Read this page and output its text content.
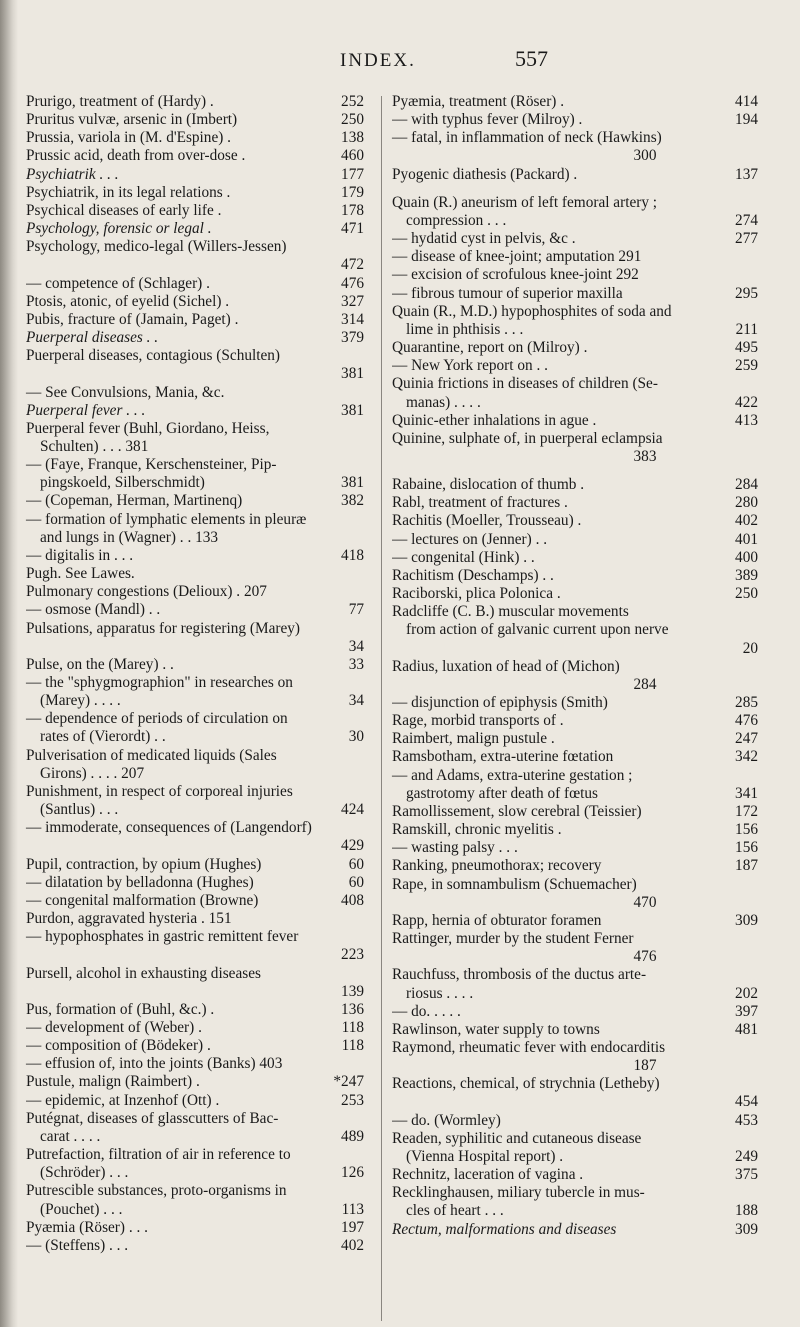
INDEX.	557
Prurigo, treatment of (Hardy) .	252
Pruritus vulvæ, arsenic in (Imbert)	250
Prussia, variola in (M. d'Espine) .	138
Prussic acid, death from over-dose .	460
Psychiatrik . . .	177
Psychiatrik, in its legal relations .	179
Psychical diseases of early life .	178
Psychology, forensic or legal .	471
Psychology, medico-legal (Willers-Jessen)
472
— competence of (Schlager) .	476
Ptosis, atonic, of eyelid (Sichel) .	327
Pubis, fracture of (Jamain, Paget) .	314
Puerperal diseases . .	379
Puerperal diseases, contagious (Schulten)
381
— See Convulsions, Mania, &c.
Puerperal fever . . .	381
Puerperal fever (Buhl, Giordano, Heiss,
Schulten) . . . 381
— (Faye, Franque, Kerschensteiner, Pip-
pingskoeld, Silberschmidt)	381
— (Copeman, Herman, Martinenq)	382
— formation of lymphatic elements in pleuræ
and lungs in (Wagner) . . 133
— digitalis in . . .	418
Pugh. See Lawes.
Pulmonary congestions (Delioux) . 207
— osmose (Mandl) . .	77
Pulsations, apparatus for registering (Marey)
34
Pulse, on the (Marey) . .	33
— the "sphygmographion" in researches on
(Marey) . . . .	34
— dependence of periods of circulation on
rates of (Vierordt) . .	30
Pulverisation of medicated liquids (Sales
Girons) . . . . 207
Punishment, in respect of corporeal injuries
(Santlus) . . .	424
— immoderate, consequences of (Langendorf)
429
Pupil, contraction, by opium (Hughes)	60
— dilatation by belladonna (Hughes)	60
— congenital malformation (Browne)	408
Purdon, aggravated hysteria . 151
— hypophosphates in gastric remittent fever
223
Pursell, alcohol in exhausting diseases
139
Pus, formation of (Buhl, &c.) .	136
— development of (Weber) .	118
— composition of (Bödeker) .	118
— effusion of, into the joints (Banks) 403
Pustule, malign (Raimbert) .	*247
— epidemic, at Inzenhof (Ott) .	253
Putégnat, diseases of glasscutters of Bac-
carat . . . .	489
Putrefaction, filtration of air in reference to
(Schröder) . . .	126
Putrescible substances, proto-organisms in
(Pouchet) . . .	113
Pyæmia (Röser) . . .	197
— (Steffens) . . .	402
Pyæmia, treatment (Röser) .	414
— with typhus fever (Milroy) .	194
— fatal, in inflammation of neck (Hawkins)
300
Pyogenic diathesis (Packard) .	137
Quain (R.) aneurism of left femoral artery ;
compression . . .	274
— hydatid cyst in pelvis, &c .	277
— disease of knee-joint; amputation 291
— excision of scrofulous knee-joint 292
— fibrous tumour of superior maxilla	295
Quain (R., M.D.) hypophosphites of soda and
lime in phthisis . . .	211
Quarantine, report on (Milroy) .	495
— New York report on . .	259
Quinia frictions in diseases of children (Se-
manas) . . . .	422
Quinic-ether inhalations in ague .	413
Quinine, sulphate of, in puerperal eclampsia
383
Rabaine, dislocation of thumb .	284
Rabl, treatment of fractures .	280
Rachitis (Moeller, Trousseau) .	402
— lectures on (Jenner) . .	401
— congenital (Hink) . .	400
Rachitism (Deschamps) . .	389
Raciborski, plica Polonica .	250
Radcliffe (C. B.) muscular movements
from action of galvanic current upon nerve
20
Radius, luxation of head of (Michon)
284
— disjunction of epiphysis (Smith)	285
Rage, morbid transports of .	476
Raimbert, malign pustule .	247
Ramsbotham, extra-uterine fœtation	342
— and Adams, extra-uterine gestation ;
gastrotomy after death of fœtus	341
Ramollissement, slow cerebral (Teissier)	172
Ramskill, chronic myelitis .	156
— wasting palsy . . .	156
Ranking, pneumothorax; recovery	187
Rape, in somnambulism (Schuemacher)
470
Rapp, hernia of obturator foramen	309
Rattinger, murder by the student Ferner
476
Rauchfuss, thrombosis of the ductus arte-
riosus . . . .	202
— do. . . . .	397
Rawlinson, water supply to towns	481
Raymond, rheumatic fever with endocarditis
187
Reactions, chemical, of strychnia (Letheby)
454
— do. (Wormley)	453
Readen, syphilitic and cutaneous disease
(Vienna Hospital report) .	249
Rechnitz, laceration of vagina .	375
Recklinghausen, miliary tubercle in mus-
cles of heart . . .	188
Rectum, malformations and diseases	309
